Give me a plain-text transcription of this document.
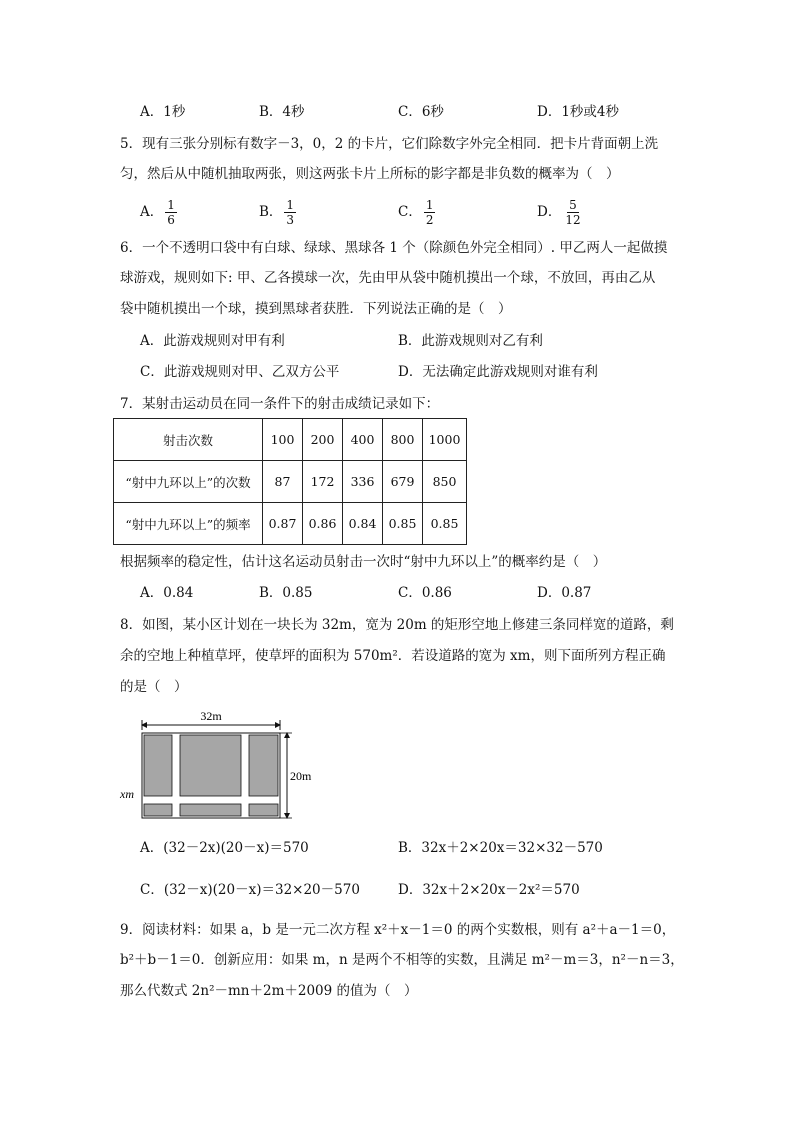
A．1秒	B．4秒	C．6秒	D．1秒或4秒
5．现有三张分别标有数字－3，0，2 的卡片，它们除数字外完全相同．把卡片背面朝上洗
匀，然后从中随机抽取两张，则这两张卡片上所标的影字都是非负数的概率为（　）
A． $\frac{1}{6}$	B． $\frac{1}{3}$	C． $\frac{1}{2}$	D． $\frac{5}{12}$
6．一个不透明口袋中有白球、绿球、黑球各 1 个（除颜色外完全相同）. 甲乙两人一起做摸
球游戏，规则如下: 甲、乙各摸球一次，先由甲从袋中随机摸出一个球，不放回，再由乙从
袋中随机摸出一个球，摸到黑球者获胜．下列说法正确的是（　）
A．此游戏规则对甲有利	B．此游戏规则对乙有利
C．此游戏规则对甲、乙双方公平	D．无法确定此游戏规则对谁有利
7．某射击运动员在同一条件下的射击成绩记录如下：
射击次数	100	200	400	800	1000
“射中九环以上”的次数	87	172	336	679	850
“射中九环以上”的频率	0.87	0.86	0.84	0.85	0.85
根据频率的稳定性，估计这名运动员射击一次时“射中九环以上”的概率约是（　）
A．0.84	B．0.85	C．0.86	D．0.87
8．如图，某小区计划在一块长为 32m，宽为 20m 的矩形空地上修建三条同样宽的道路，剩
余的空地上种植草坪，使草坪的面积为 570m²．若设道路的宽为 xm，则下面所列方程正确
的是（　）
32m
20m
xm
A．(32－2x)(20－x)＝570	B．32x＋2×20x＝32×32－570
C．(32－x)(20－x)＝32×20－570	D．32x＋2×20x－2x²＝570
9．阅读材料：如果 a，b 是一元二次方程 x²＋x－1＝0 的两个实数根，则有 a²＋a－1＝0，
b²＋b－1＝0．创新应用：如果 m，n 是两个不相等的实数，且满足 m²－m＝3，n²－n＝3，
那么代数式 2n²－mn＋2m＋2009 的值为（　）
